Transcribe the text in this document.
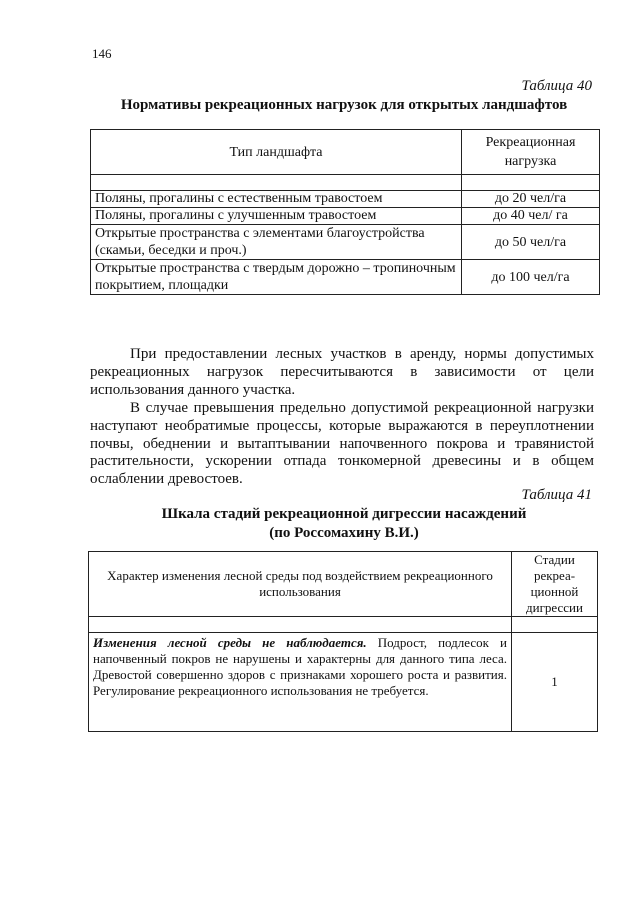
146
Таблица 40
Нормативы рекреационных нагрузок для открытых ландшафтов
Тип ландшафта	Рекреационная нагрузка

Поляны, прогалины с естественным травостоем	до 20 чел/га
Поляны, прогалины с улучшенным травостоем	до 40 чел/ га
Открытые пространства с элементами благоустройства (скамьи, беседки и проч.)	до 50 чел/га
Открытые пространства с твердым дорожно – тропиночным покрытием, площадки	до 100 чел/га
При предоставлении лесных участков в аренду, нормы допустимых рекреационных нагрузок пересчитываются в зависимости от цели использования данного участка.
В случае превышения предельно допустимой рекреационной нагрузки наступают необратимые процессы, которые выражаются в переуплотнении почвы, обеднении и вытаптывании напочвенного покрова и травянистой растительности, ускорении отпада тонкомерной древесины и в общем ослаблении древостоев.
Таблица 41
Шкала стадий рекреационной дигрессии насаждений
(по Россомахину В.И.)
Характер изменения лесной среды под воздействием рекреационного использования	Стадии рекреа-ционной дигрессии

Изменения лесной среды не наблюдается. Подрост, подлесок и напочвенный покров не нарушены и характерны для данного типа леса. Древостой совершенно здоров с признаками хорошего роста и развития. Регулирование рекреационного использования не требуется.	1
